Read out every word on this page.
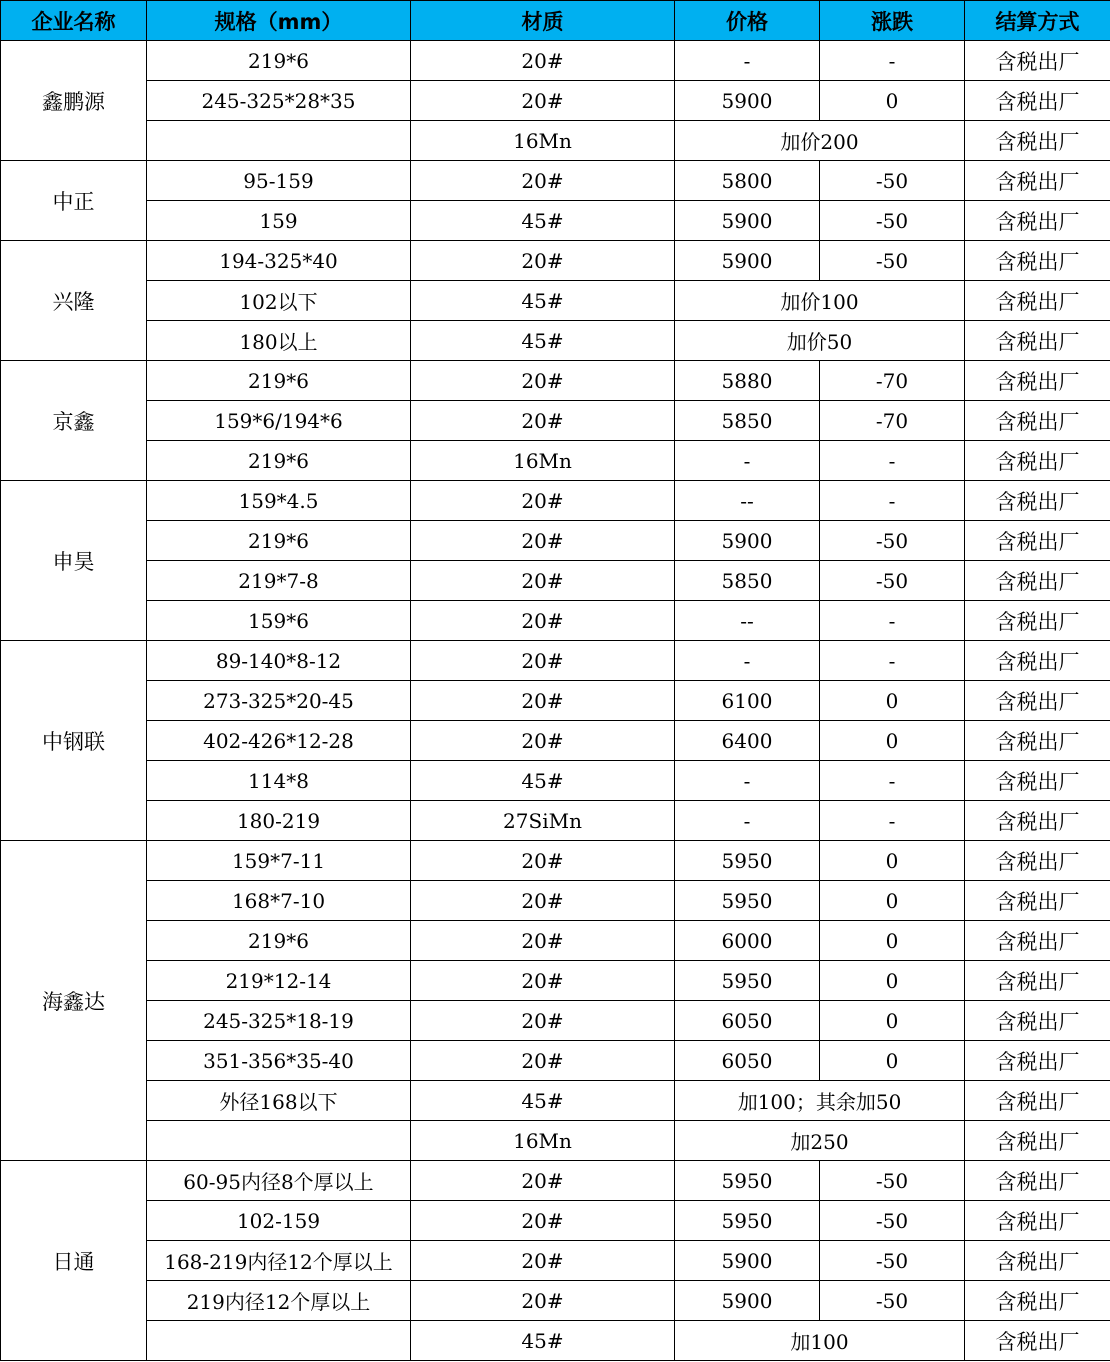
企业名称	规格（mm）	材质	价格	涨跌	结算方式
鑫鹏源	219*6	20#	-	-	含税出厂
	245-325*28*35	20#	5900	0	含税出厂
		16Mn	加价200		含税出厂
中正	95-159	20#	5800	-50	含税出厂
	159	45#	5900	-50	含税出厂
兴隆	194-325*40	20#	5900	-50	含税出厂
	102以下	45#	加价100		含税出厂
	180以上	45#	加价50		含税出厂
京鑫	219*6	20#	5880	-70	含税出厂
	159*6/194*6	20#	5850	-70	含税出厂
	219*6	16Mn	-	-	含税出厂
申昊	159*4.5	20#	--	-	含税出厂
	219*6	20#	5900	-50	含税出厂
	219*7-8	20#	5850	-50	含税出厂
	159*6	20#	--	-	含税出厂
中钢联	89-140*8-12	20#	-	-	含税出厂
	273-325*20-45	20#	6100	0	含税出厂
	402-426*12-28	20#	6400	0	含税出厂
	114*8	45#	-	-	含税出厂
	180-219	27SiMn	-	-	含税出厂
海鑫达	159*7-11	20#	5950	0	含税出厂
	168*7-10	20#	5950	0	含税出厂
	219*6	20#	6000	0	含税出厂
	219*12-14	20#	5950	0	含税出厂
	245-325*18-19	20#	6050	0	含税出厂
	351-356*35-40	20#	6050	0	含税出厂
	外径168以下	45#	加100；其余加50		含税出厂
		16Mn	加250		含税出厂
日通	60-95内径8个厚以上	20#	5950	-50	含税出厂
	102-159	20#	5950	-50	含税出厂
	168-219内径12个厚以上	20#	5900	-50	含税出厂
	219内径12个厚以上	20#	5900	-50	含税出厂
		45#	加100		含税出厂
